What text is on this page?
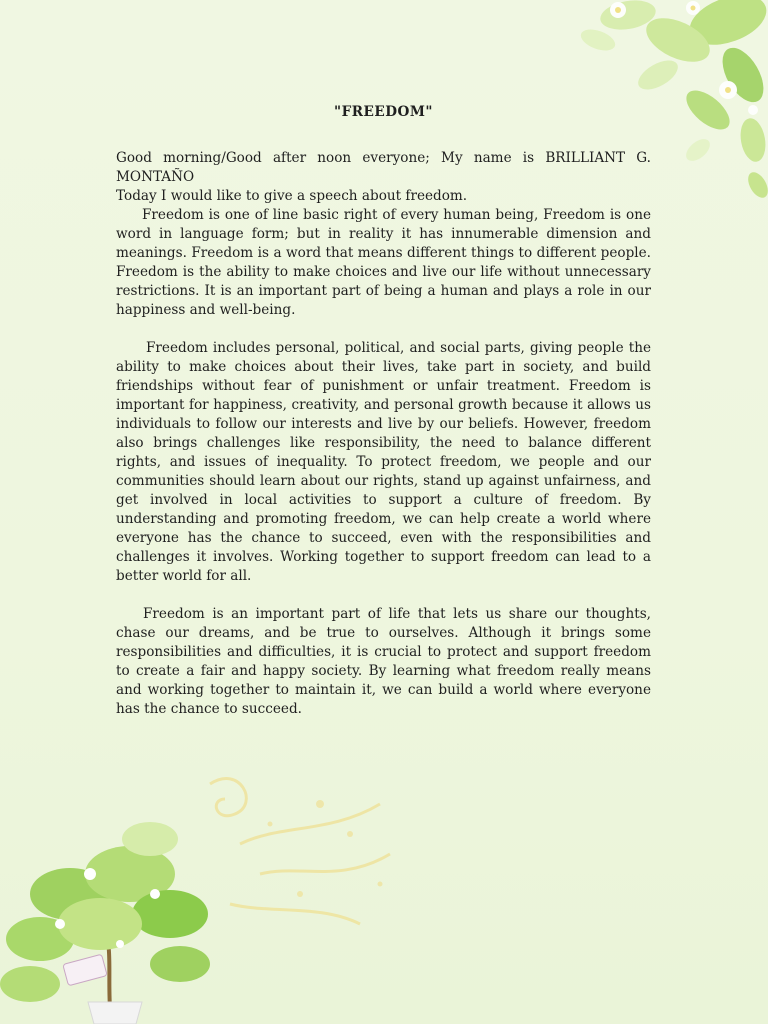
"FREEDOM"

Good morning/Good after noon everyone; My name is BRILLIANT G. MONTAÑO

Today I would like to give a speech about freedom.

Freedom is one of line basic right of every human being, Freedom is one word in language form; but in reality it has innumerable dimension and meanings. Freedom is a word that means different things to different people. Freedom is the ability to make choices and live our life without unnecessary restrictions. It is an important part of being a human and plays a role in our happiness and well-being.

Freedom includes personal, political, and social parts, giving people the ability to make choices about their lives, take part in society, and build friendships without fear of punishment or unfair treatment. Freedom is important for happiness, creativity, and personal growth because it allows us individuals to follow our interests and live by our beliefs. However, freedom also brings challenges like responsibility, the need to balance different rights, and issues of inequality. To protect freedom, we people and our communities should learn about our rights, stand up against unfairness, and get involved in local activities to support a culture of freedom. By understanding and promoting freedom, we can help create a world where everyone has the chance to succeed, even with the responsibilities and challenges it involves. Working together to support freedom can lead to a better world for all.

Freedom is an important part of life that lets us share our thoughts, chase our dreams, and be true to ourselves. Although it brings some responsibilities and difficulties, it is crucial to protect and support freedom to create a fair and happy society. By learning what freedom really means and working together to maintain it, we can build a world where everyone has the chance to succeed.
